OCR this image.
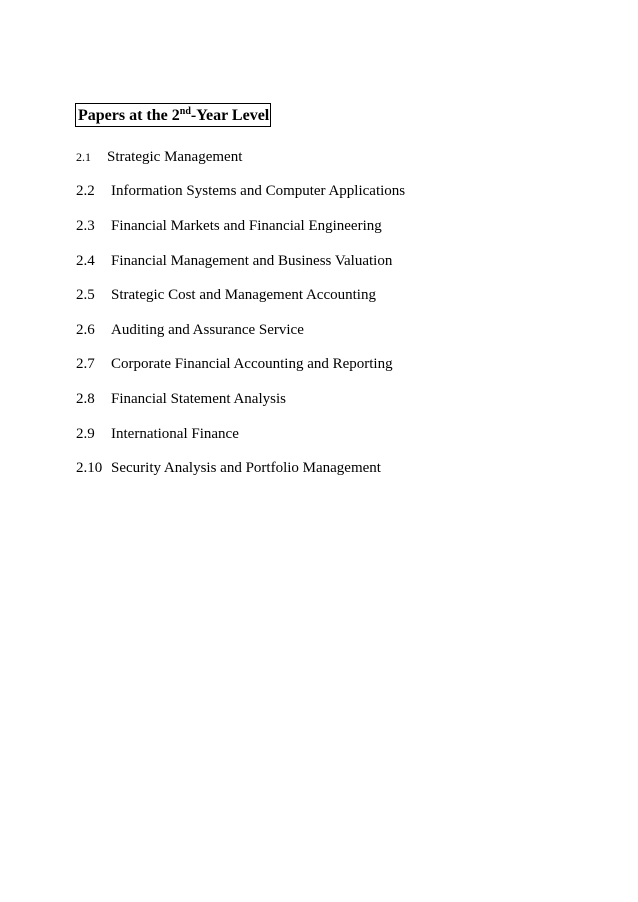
Papers at the 2nd-Year Level
2.1	Strategic Management
2.2	Information Systems and Computer Applications
2.3	Financial Markets and Financial Engineering
2.4	Financial Management and Business Valuation
2.5	Strategic Cost and Management Accounting
2.6	Auditing and Assurance Service
2.7	Corporate Financial Accounting and Reporting
2.8	Financial Statement Analysis
2.9	International Finance
2.10 Security Analysis and Portfolio Management
